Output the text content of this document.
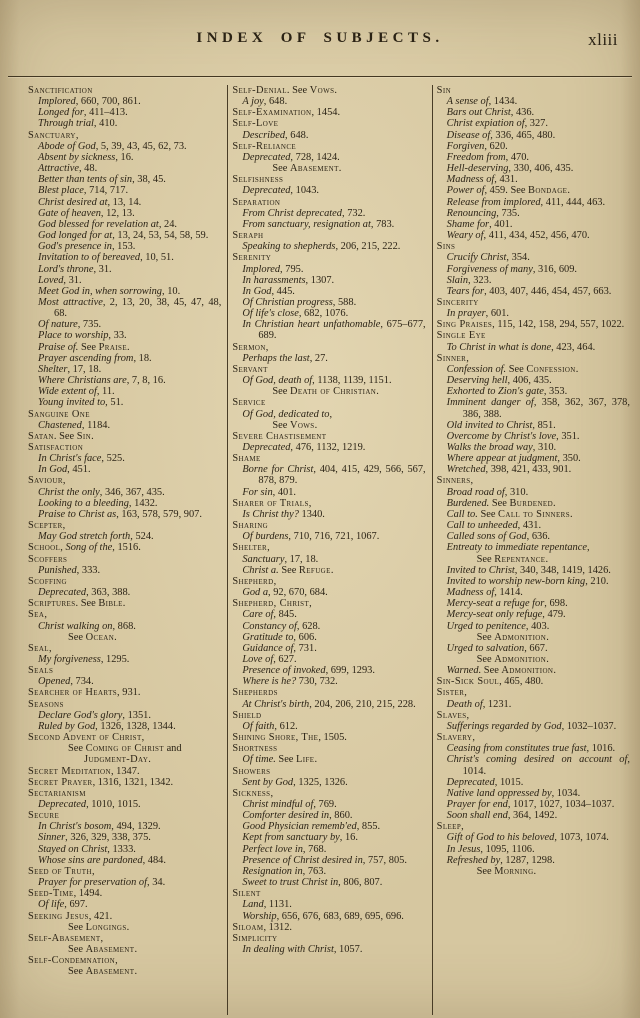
INDEX OF SUBJECTS.	xliii
Sanctification
Implored, 660, 700, 861.
Longed for, 411–413.
Through trial, 410.
Sanctuary,
Abode of God, 5, 39, 43, 45, 62, 73.
Absent by sickness, 16.
Attractive, 48.
Better than tents of sin, 38, 45.
Blest place, 714, 717.
Christ desired at, 13, 14.
Gate of heaven, 12, 13.
God blessed for revelation at, 24.
God longed for at, 13, 24, 53, 54, 58, 59.
God's presence in, 153.
Invitation to of bereaved, 10, 51.
Lord's throne, 31.
Loved, 31.
Meet God in, when sorrowing, 10.
Most attractive, 2, 13, 20, 38, 45, 47, 48, 68.
Of nature, 735.
Place to worship, 33.
Praise of. See Praise.
Prayer ascending from, 18.
Shelter, 17, 18.
Where Christians are, 7, 8, 16.
Wide extent of, 11.
Young invited to, 51.
Sanguine One
Chastened, 1184.
Satan. See Sin.
Satisfaction
In Christ's face, 525.
In God, 451.
Saviour,
Christ the only, 346, 367, 435.
Looking to a bleeding, 1432.
Praise to Christ as, 163, 578, 579, 907.
Scepter,
May God stretch forth, 524.
School, Song of the, 1516.
Scoffers
Punished, 333.
Scoffing
Deprecated, 363, 388.
Scriptures. See Bible.
Sea,
Christ walking on, 868.
See Ocean.
Seal,
My forgiveness, 1295.
Seals
Opened, 734.
Searcher of Hearts, 931.
Seasons
Declare God's glory, 1351.
Ruled by God, 1326, 1328, 1344.
Second Advent of Christ,
See Coming of Christ and Judgment-Day.
Secret Meditation, 1347.
Secret Prayer, 1316, 1321, 1342.
Sectarianism
Deprecated, 1010, 1015.
Secure
In Christ's bosom, 494, 1329.
Sinner, 326, 329, 338, 375.
Stayed on Christ, 1333.
Whose sins are pardoned, 484.
Seed of Truth,
Prayer for preservation of, 34.
Seed-Time, 1494.
Of life, 697.
Seeking Jesus, 421.
See Longings.
Self-Abasement,
See Abasement.
Self-Condemnation,
See Abasement.
Self-Denial. See Vows.
A joy, 648.
Self-Examination, 1454.
Self-Love
Described, 648.
Self-Reliance
Deprecated, 728, 1424.
See Abasement.
Selfishness
Deprecated, 1043.
Separation
From Christ deprecated, 732.
From sanctuary, resignation at, 783.
Seraph
Speaking to shepherds, 206, 215, 222.
Serenity
Implored, 795.
In harassments, 1307.
In God, 445.
Of Christian progress, 588.
Of life's close, 682, 1076.
In Christian heart unfathomable, 675–677, 689.
Sermon,
Perhaps the last, 27.
Servant
Of God, death of, 1138, 1139, 1151.
See Death of Christian.
Service
Of God, dedicated to,
See Vows.
Severe Chastisement
Deprecated, 476, 1132, 1219.
Shame
Borne for Christ, 404, 415, 429, 566, 567, 878, 879.
For sin, 401.
Sharer of Trials,
Is Christ thy? 1340.
Sharing
Of burdens, 710, 716, 721, 1067.
Shelter,
Sanctuary, 17, 18.
Christ a. See Refuge.
Shepherd,
God a, 92, 670, 684.
Shepherd, Christ,
Care of, 845.
Constancy of, 628.
Gratitude to, 606.
Guidance of, 731.
Love of, 627.
Presence of invoked, 699, 1293.
Where is he? 730, 732.
Shepherds
At Christ's birth, 204, 206, 210, 215, 228.
Shield
Of faith, 612.
Shining Shore, The, 1505.
Shortness
Of time. See Life.
Showers
Sent by God, 1325, 1326.
Sickness,
Christ mindful of, 769.
Comforter desired in, 860.
Good Physician rememb'ed, 855.
Kept from sanctuary by, 16.
Perfect love in, 768.
Presence of Christ desired in, 757, 805.
Resignation in, 763.
Sweet to trust Christ in, 806, 807.
Silent
Land, 1131.
Worship, 656, 676, 683, 689, 695, 696.
Siloam, 1312.
Simplicity
In dealing with Christ, 1057.
Sin
A sense of, 1434.
Bars out Christ, 436.
Christ expiation of, 327.
Disease of, 336, 465, 480.
Forgiven, 620.
Freedom from, 470.
Hell-deserving, 330, 406, 435.
Madness of, 431.
Power of, 459. See Bondage.
Release from implored, 411, 444, 463.
Renouncing, 735.
Shame for, 401.
Weary of, 411, 434, 452, 456, 470.
Sins
Crucify Christ, 354.
Forgiveness of many, 316, 609.
Slain, 323.
Tears for, 403, 407, 446, 454, 457, 663.
Sincerity
In prayer, 601.
Sing Praises, 115, 142, 158, 294, 557, 1022.
Single Eye
To Christ in what is done, 423, 464.
Sinner,
Confession of. See Confession.
Deserving hell, 406, 435.
Exhorted to Zion's gate, 353.
Imminent danger of, 358, 362, 367, 378, 386, 388.
Old invited to Christ, 851.
Overcome by Christ's love, 351.
Walks the broad way, 310.
Where appear at judgment, 350.
Wretched, 398, 421, 433, 901.
Sinners,
Broad road of, 310.
Burdened. See Burdened.
Call to. See Call to Sinners.
Call to unheeded, 431.
Called sons of God, 636.
Entreaty to immediate repentance,
See Repentance.
Invited to Christ, 340, 348, 1419, 1426.
Invited to worship new-born king, 210.
Madness of, 1414.
Mercy-seat a refuge for, 698.
Mercy-seat only refuge, 479.
Urged to penitence, 403.
See Admonition.
Urged to salvation, 667.
See Admonition.
Warned. See Admonition.
Sin-Sick Soul, 465, 480.
Sister,
Death of, 1231.
Slaves,
Sufferings regarded by God, 1032–1037.
Slavery,
Ceasing from constitutes true fast, 1016.
Christ's coming desired on account of, 1014.
Deprecated, 1015.
Native land oppressed by, 1034.
Prayer for end, 1017, 1027, 1034–1037.
Soon shall end, 364, 1492.
Sleep,
Gift of God to his beloved, 1073, 1074.
In Jesus, 1095, 1106.
Refreshed by, 1287, 1298.
See Morning.
